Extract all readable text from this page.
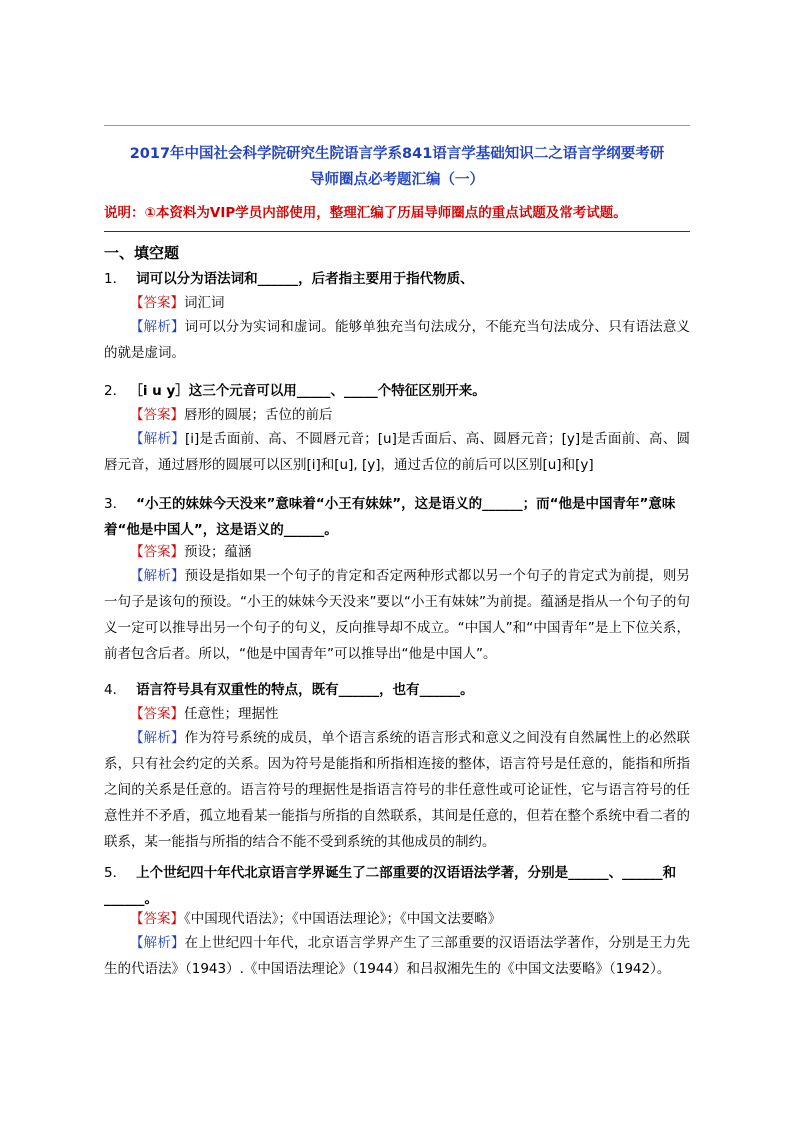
2017年中国社会科学院研究生院语言学系841语言学基础知识二之语言学纲要考研
导师圈点必考题汇编（一）
说明：①本资料为VIP学员内部使用，整理汇编了历届导师圈点的重点试题及常考试题。
一、填空题
1． 词可以分为语法词和______，后者指主要用于指代物质、
【答案】词汇词
【解析】词可以分为实词和虚词。能够单独充当句法成分，不能充当句法成分、只有语法意义的就是虚词。
2． ［i u y］这三个元音可以用_____、_____个特征区别开来。
【答案】唇形的圆展；舌位的前后
【解析】[i]是舌面前、高、不圆唇元音；[u]是舌面后、高、圆唇元音；[y]是舌面前、高、圆唇元音，通过唇形的圆展可以区别[i]和[u], [y]，通过舌位的前后可以区别[u]和[y]
3． “小王的妹妹今天没来”意味着“小王有妹妹”，这是语义的______；而“他是中国青年”意味着“他是中国人”，这是语义的______。
【答案】预设；蕴涵
【解析】预设是指如果一个句子的肯定和否定两种形式都以另一个句子的肯定式为前提，则另一句子是该句的预设。“小王的妹妹今天没来”要以“小王有妹妹”为前提。蕴涵是指从一个句子的句义一定可以推导出另一个句子的句义，反向推导却不成立。“中国人”和“中国青年”是上下位关系，前者包含后者。所以，“他是中国青年”可以推导出“他是中国人”。
4． 语言符号具有双重性的特点，既有______，也有______。
【答案】任意性；理据性
【解析】作为符号系统的成员，单个语言系统的语言形式和意义之间没有自然属性上的必然联系，只有社会约定的关系。因为符号是能指和所指相连接的整体，语言符号是任意的，能指和所指之间的关系是任意的。语言符号的理据性是指语言符号的非任意性或可论证性，它与语言符号的任意性并不矛盾，孤立地看某一能指与所指的自然联系，其间是任意的，但若在整个系统中看二者的联系，某一能指与所指的结合不能不受到系统的其他成员的制约。
5． 上个世纪四十年代北京语言学界诞生了二部重要的汉语语法学著，分别是______、______和______。
【答案】《中国现代语法》；《中国语法理论》；《中国文法要略》
【解析】在上世纪四十年代，北京语言学界产生了三部重要的汉语语法学著作，分别是王力先生的代语法》（1943）.《中国语法理论》（1944）和吕叔湘先生的《中国文法要略》（1942）。
